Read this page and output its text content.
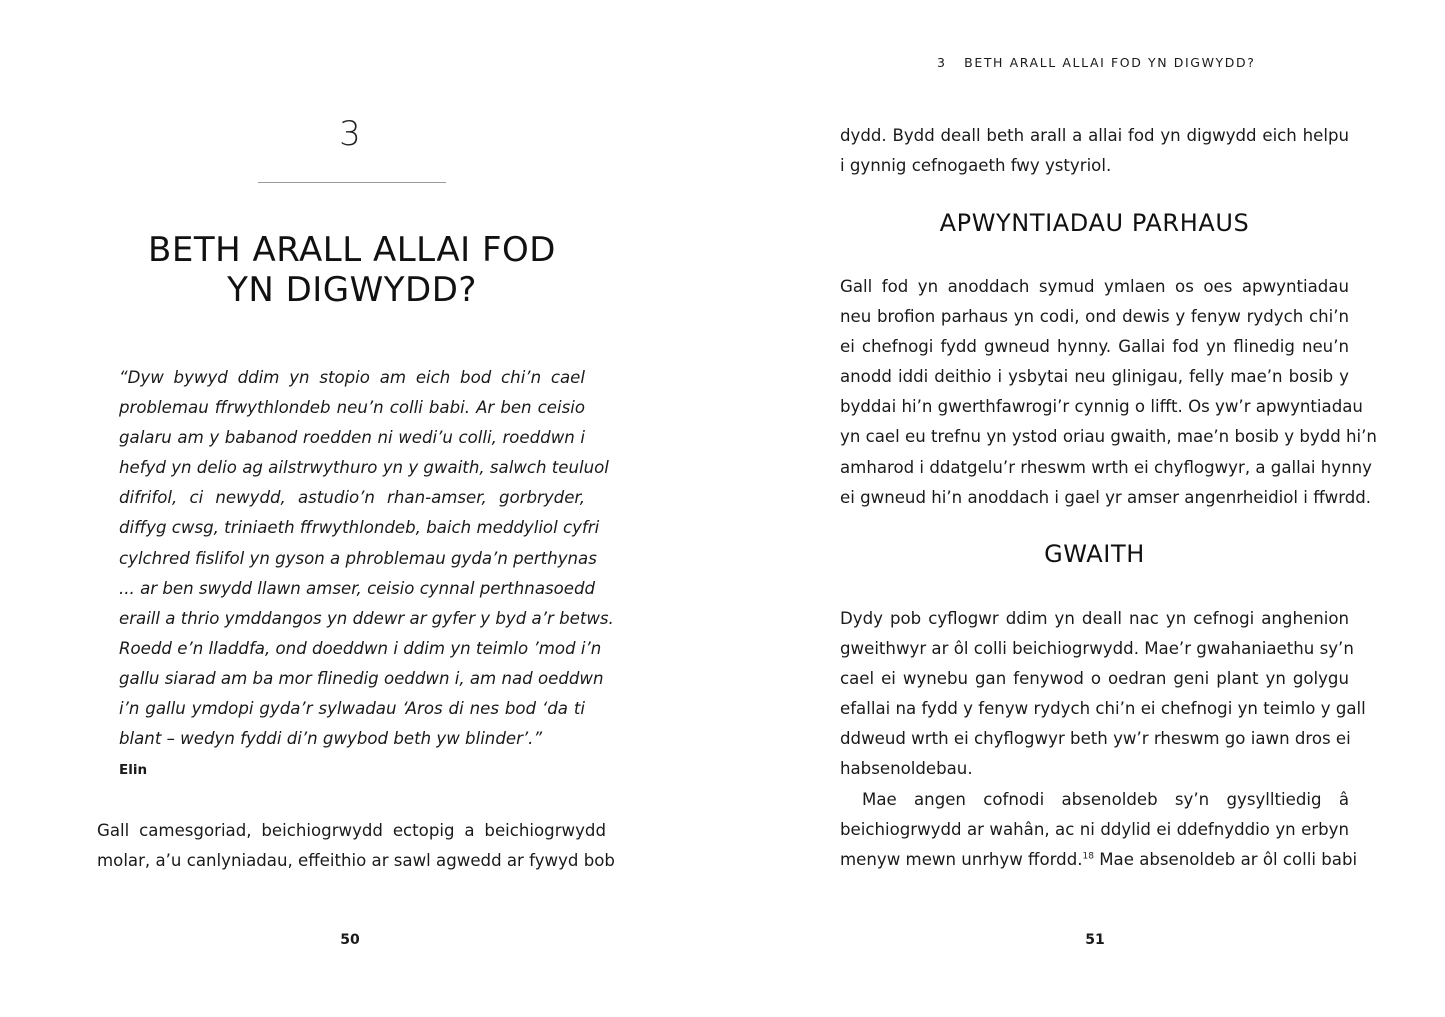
3
BETH ARALL ALLAI FOD
YN DIGWYDD?
“Dyw bywyd ddim yn stopio am eich bod chi’n cael
problemau ffrwythlondeb neu’n colli babi. Ar ben ceisio
galaru am y babanod roedden ni wedi’u colli, roeddwn i
hefyd yn delio ag ailstrwythuro yn y gwaith, salwch teuluol
difrifol, ci newydd, astudio’n rhan-amser, gorbryder,
diffyg cwsg, triniaeth ffrwythlondeb, baich meddyliol cyfri
cylchred fislifol yn gyson a phroblemau gyda’n perthynas
... ar ben swydd llawn amser, ceisio cynnal perthnasoedd
eraill a thrio ymddangos yn ddewr ar gyfer y byd a’r betws.
Roedd e’n lladdfa, ond doeddwn i ddim yn teimlo ’mod i’n
gallu siarad am ba mor flinedig oeddwn i, am nad oeddwn
i’n gallu ymdopi gyda’r sylwadau ‘Aros di nes bod ‘da ti
blant – wedyn fyddi di’n gwybod beth yw blinder’.”
Elin
Gall camesgoriad, beichiogrwydd ectopig a beichiogrwydd
molar, a’u canlyniadau, effeithio ar sawl agwedd ar fywyd bob
50
3 BETH ARALL ALLAI FOD YN DIGWYDD?
dydd. Bydd deall beth arall a allai fod yn digwydd eich helpu
i gynnig cefnogaeth fwy ystyriol.
APWYNTIADAU PARHAUS
Gall fod yn anoddach symud ymlaen os oes apwyntiadau
neu brofion parhaus yn codi, ond dewis y fenyw rydych chi’n
ei chefnogi fydd gwneud hynny. Gallai fod yn flinedig neu’n
anodd iddi deithio i ysbytai neu glinigau, felly mae’n bosib y
byddai hi’n gwerthfawrogi’r cynnig o lifft. Os yw’r apwyntiadau
yn cael eu trefnu yn ystod oriau gwaith, mae’n bosib y bydd hi’n
amharod i ddatgelu’r rheswm wrth ei chyflogwyr, a gallai hynny
ei gwneud hi’n anoddach i gael yr amser angenrheidiol i ffwrdd.
GWAITH
Dydy pob cyflogwr ddim yn deall nac yn cefnogi anghenion
gweithwyr ar ôl colli beichiogrwydd. Mae’r gwahaniaethu sy’n
cael ei wynebu gan fenywod o oedran geni plant yn golygu
efallai na fydd y fenyw rydych chi’n ei chefnogi yn teimlo y gall
ddweud wrth ei chyflogwyr beth yw’r rheswm go iawn dros ei
habsenoldebau.
Mae angen cofnodi absenoldeb sy’n gysylltiedig â
beichiogrwydd ar wahân, ac ni ddylid ei ddefnyddio yn erbyn
menyw mewn unrhyw ffordd.$^{18}$ Mae absenoldeb ar ôl colli babi
51
